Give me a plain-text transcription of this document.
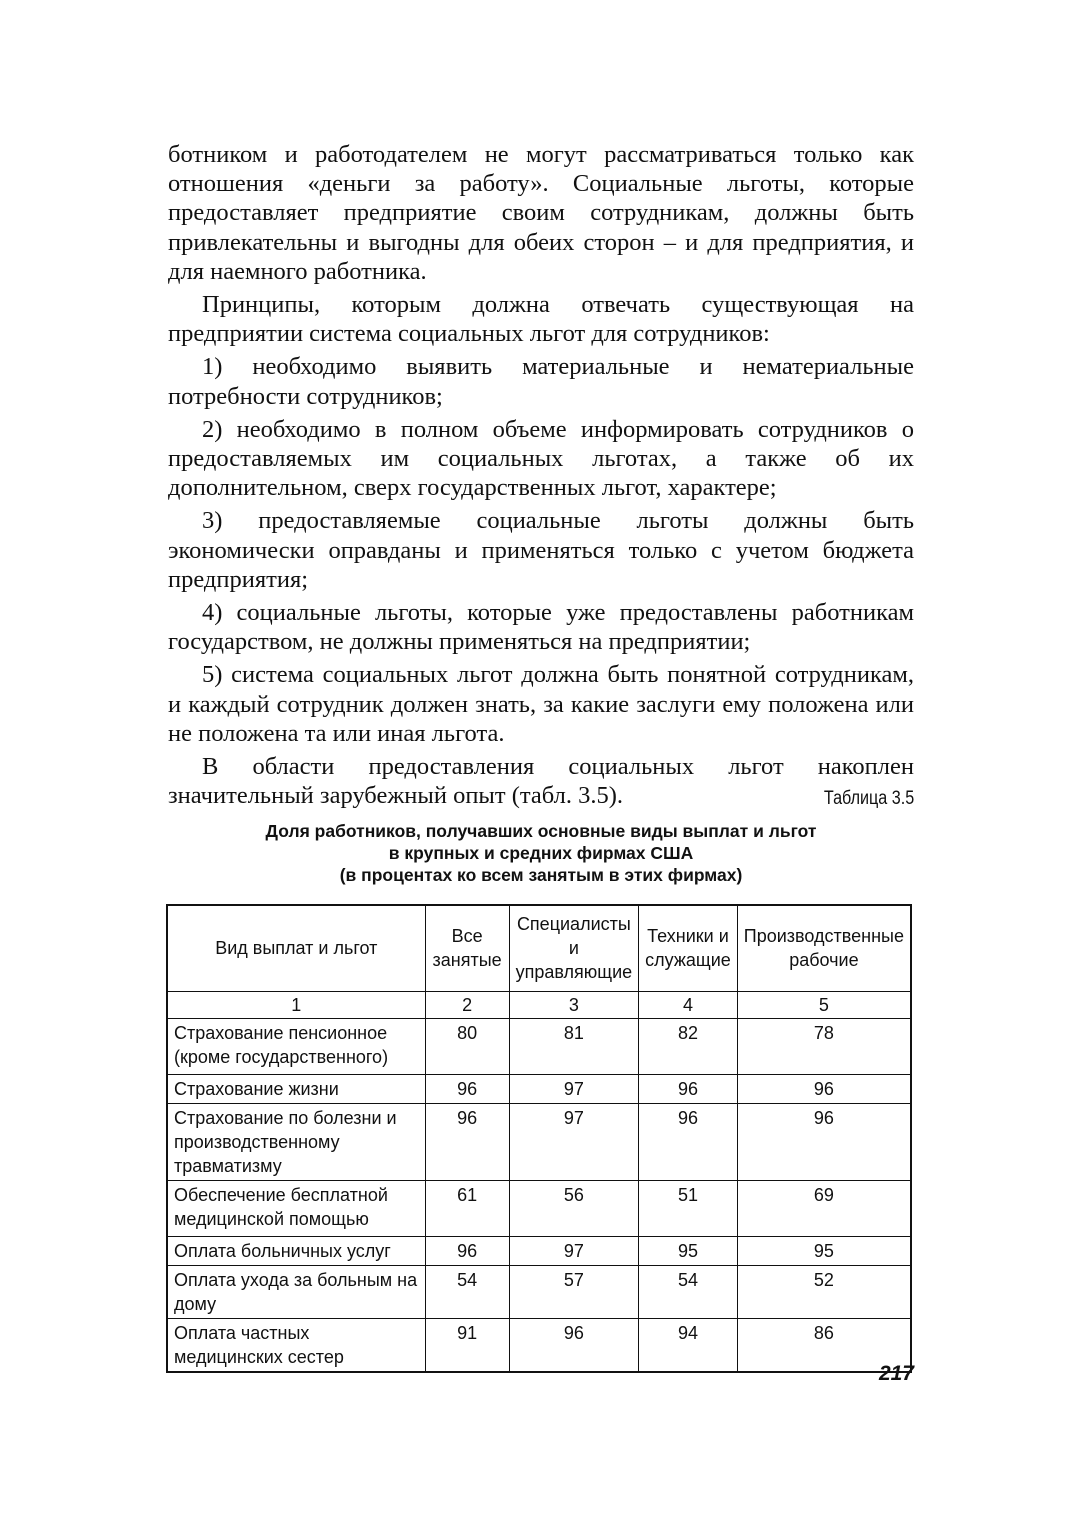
ботником и работодателем не могут рассматриваться только как отношения «деньги за работу». Социальные льготы, которые предоставляет предприятие своим сотрудникам, должны быть привлекательны и выгодны для обеих сторон – и для предприятия, и для наемного работника.

Принципы, которым должна отвечать существующая на предприятии система социальных льгот для сотрудников:

1) необходимо выявить материальные и нематериальные потребности сотрудников;

2) необходимо в полном объеме информировать сотрудников о предоставляемых им социальных льготах, а также об их дополнительном, сверх государственных льгот, характере;

3) предоставляемые социальные льготы должны быть экономически оправданы и применяться только с учетом бюджета предприятия;

4) социальные льготы, которые уже предоставлены работникам государством, не должны применяться на предприятии;

5) система социальных льгот должна быть понятной сотрудникам, и каждый сотрудник должен знать, за какие заслуги ему положена или не положена та или иная льгота.

В области предоставления социальных льгот накоплен значительный зарубежный опыт (табл. 3.5).	Таблица 3.5
Доля работников, получавших основные виды выплат и льгот
в крупных и средних фирмах США
(в процентах ко всем занятым в этих фирмах)
Вид выплат и льгот	Все занятые	Специалисты и управляющие	Техники и служащие	Производственные рабочие
1	2	3	4	5
Страхование пенсионное (кроме государственного)	80	81	82	78
Страхование жизни	96	97	96	96
Страхование по болезни и производственному травматизму	96	97	96	96
Обеспечение бесплатной медицинской помощью	61	56	51	69
Оплата больничных услуг	96	97	95	95
Оплата ухода за больным на дому	54	57	54	52
Оплата частных медицинских сестер	91	96	94	86
217
